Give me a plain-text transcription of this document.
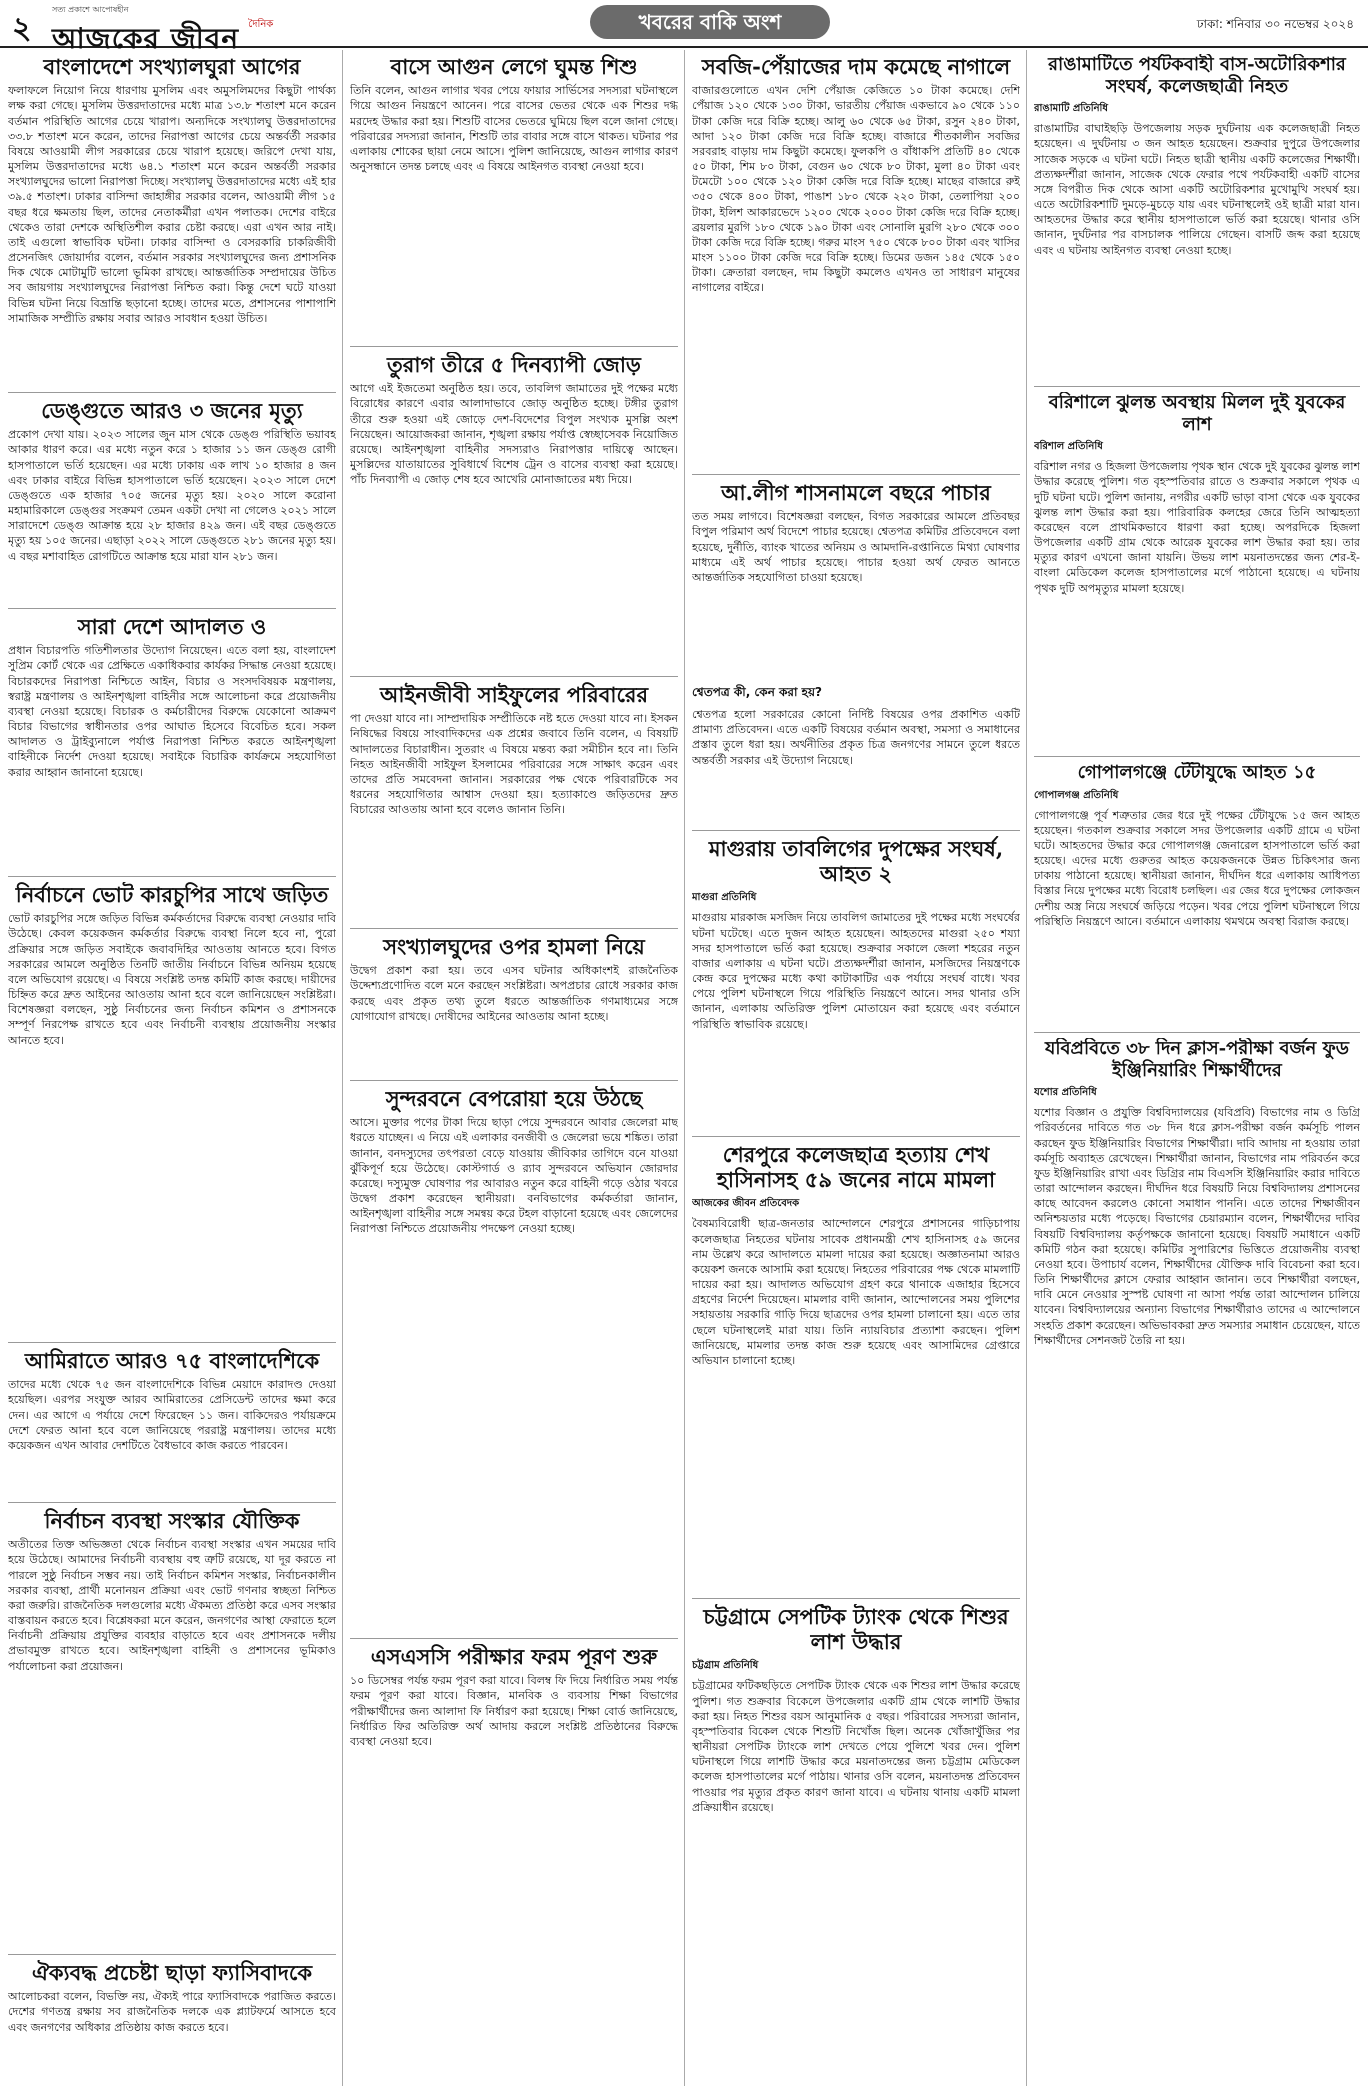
২
সত্য প্রকাশে আপোষহীন
আজকের জীবন $^{দৈনিক}$	খবরের বাকি অংশ	ঢাকা: শনিবার ৩০ নভেম্বর ২০২৪
বাংলাদেশে সংখ্যালঘুরা আগের

ফলাফলে নিয়োগ নিয়ে ধারণায় মুসলিম এবং অমুসলিমদের কিছুটা পার্থক্য লক্ষ করা গেছে। মুসলিম উত্তরদাতাদের মধ্যে মাত্র ১৩.৮ শতাংশ মনে করেন বর্তমান পরিস্থিতি আগের চেয়ে খারাপ। অন্যদিকে সংখ্যালঘু উত্তরদাতাদের ৩৩.৮ শতাংশ মনে করেন, তাদের নিরাপত্তা আগের চেয়ে অন্তর্বর্তী সরকার বিষয়ে আওয়ামী লীগ সরকারের চেয়ে খারাপ হয়েছে। জরিপে দেখা যায়, মুসলিম উত্তরদাতাদের মধ্যে ৬৪.১ শতাংশ মনে করেন অন্তর্বর্তী সরকার সংখ্যালঘুদের ভালো নিরাপত্তা দিচ্ছে। সংখ্যালঘু উত্তরদাতাদের মধ্যে এই হার ৩৯.৫ শতাংশ। ঢাকার বাসিন্দা জাহাঙ্গীর সরকার বলেন, আওয়ামী লীগ ১৫ বছর ধরে ক্ষমতায় ছিল, তাদের নেতাকর্মীরা এখন পলাতক। দেশের বাইরে থেকেও তারা দেশকে অস্থিতিশীল করার চেষ্টা করছে। এরা এখন আর নাই। তাই এগুলো স্বাভাবিক ঘটনা। ঢাকার বাসিন্দা ও বেসরকারি চাকরিজীবী প্রসেনজিৎ জোয়ার্দার বলেন, বর্তমান সরকার সংখ্যালঘুদের জন্য প্রশাসনিক দিক থেকে মোটামুটি ভালো ভূমিকা রাখছে। আন্তর্জাতিক সম্প্রদায়ের উচিত সব জায়গায় সংখ্যালঘুদের নিরাপত্তা নিশ্চিত করা। কিন্তু দেশে ঘটে যাওয়া বিভিন্ন ঘটনা নিয়ে বিভ্রান্তি ছড়ানো হচ্ছে। তাদের মতে, প্রশাসনের পাশাপাশি সামাজিক সম্প্রীতি রক্ষায় সবার আরও সাবধান হওয়া উচিত।

ডেঙ্গুতে আরও ৩ জনের মৃত্যু

প্রকোপ দেখা যায়। ২০২৩ সালের জুন মাস থেকে ডেঙ্গু পরিস্থিতি ভয়াবহ আকার ধারণ করে। এর মধ্যে নতুন করে ১ হাজার ১১ জন ডেঙ্গু রোগী হাসপাতালে ভর্তি হয়েছেন। এর মধ্যে ঢাকায় এক লাখ ১০ হাজার ৪ জন এবং ঢাকার বাইরে বিভিন্ন হাসপাতালে ভর্তি হয়েছেন। ২০২৩ সালে দেশে ডেঙ্গুতে এক হাজার ৭০৫ জনের মৃত্যু হয়। ২০২০ সালে করোনা মহামারিকালে ডেঙ্গুর সংক্রমণ তেমন একটা দেখা না গেলেও ২০২১ সালে সারাদেশে ডেঙ্গু আক্রান্ত হয়ে ২৮ হাজার ৪২৯ জন। এই বছর ডেঙ্গুতে মৃত্যু হয় ১০৫ জনের। এছাড়া ২০২২ সালে ডেঙ্গুতে ২৮১ জনের মৃত্যু হয়। এ বছর মশাবাহিত রোগটিতে আক্রান্ত হয়ে মারা যান ২৮১ জন।

সারা দেশে আদালত ও

প্রধান বিচারপতি গতিশীলতার উদ্যোগ নিয়েছেন। এতে বলা হয়, বাংলাদেশ সুপ্রিম কোর্ট থেকে এর প্রেক্ষিতে একাধিকবার কার্যকর সিদ্ধান্ত নেওয়া হয়েছে। বিচারকদের নিরাপত্তা নিশ্চিতে আইন, বিচার ও সংসদবিষয়ক মন্ত্রণালয়, স্বরাষ্ট্র মন্ত্রণালয় ও আইনশৃঙ্খলা বাহিনীর সঙ্গে আলোচনা করে প্রয়োজনীয় ব্যবস্থা নেওয়া হয়েছে। বিচারক ও কর্মচারীদের বিরুদ্ধে যেকোনো আক্রমণ বিচার বিভাগের স্বাধীনতার ওপর আঘাত হিসেবে বিবেচিত হবে। সকল আদালত ও ট্রাইব্যুনালে পর্যাপ্ত নিরাপত্তা নিশ্চিত করতে আইনশৃঙ্খলা বাহিনীকে নির্দেশ দেওয়া হয়েছে। সবাইকে বিচারিক কার্যক্রমে সহযোগিতা করার আহ্বান জানানো হয়েছে।

নির্বাচনে ভোট কারচুপির সাথে জড়িত

ভোট কারচুপির সঙ্গে জড়িত বিভিন্ন কর্মকর্তাদের বিরুদ্ধে ব্যবস্থা নেওয়ার দাবি উঠেছে। কেবল কয়েকজন কর্মকর্তার বিরুদ্ধে ব্যবস্থা নিলে হবে না, পুরো প্রক্রিয়ার সঙ্গে জড়িত সবাইকে জবাবদিহির আওতায় আনতে হবে। বিগত সরকারের আমলে অনুষ্ঠিত তিনটি জাতীয় নির্বাচনে বিভিন্ন অনিয়ম হয়েছে বলে অভিযোগ রয়েছে। এ বিষয়ে সংশ্লিষ্ট তদন্ত কমিটি কাজ করছে। দায়ীদের চিহ্নিত করে দ্রুত আইনের আওতায় আনা হবে বলে জানিয়েছেন সংশ্লিষ্টরা। বিশেষজ্ঞরা বলছেন, সুষ্ঠু নির্বাচনের জন্য নির্বাচন কমিশন ও প্রশাসনকে সম্পূর্ণ নিরপেক্ষ রাখতে হবে এবং নির্বাচনী ব্যবস্থায় প্রয়োজনীয় সংস্কার আনতে হবে।

আমিরাতে আরও ৭৫ বাংলাদেশিকে

তাদের মধ্যে থেকে ৭৫ জন বাংলাদেশিকে বিভিন্ন মেয়াদে কারাদণ্ড দেওয়া হয়েছিল। এরপর সংযুক্ত আরব আমিরাতের প্রেসিডেন্ট তাদের ক্ষমা করে দেন। এর আগে এ পর্যায়ে দেশে ফিরেছেন ১১ জন। বাকিদেরও পর্যায়ক্রমে দেশে ফেরত আনা হবে বলে জানিয়েছে পররাষ্ট্র মন্ত্রণালয়। তাদের মধ্যে কয়েকজন এখন আবার দেশটিতে বৈধভাবে কাজ করতে পারবেন।

নির্বাচন ব্যবস্থা সংস্কার যৌক্তিক

অতীতের তিক্ত অভিজ্ঞতা থেকে নির্বাচন ব্যবস্থা সংস্কার এখন সময়ের দাবি হয়ে উঠেছে। আমাদের নির্বাচনী ব্যবস্থায় বহু ত্রুটি রয়েছে, যা দূর করতে না পারলে সুষ্ঠু নির্বাচন সম্ভব নয়। তাই নির্বাচন কমিশন সংস্কার, নির্বাচনকালীন সরকার ব্যবস্থা, প্রার্থী মনোনয়ন প্রক্রিয়া এবং ভোট গণনার স্বচ্ছতা নিশ্চিত করা জরুরি। রাজনৈতিক দলগুলোর মধ্যে ঐকমত্য প্রতিষ্ঠা করে এসব সংস্কার বাস্তবায়ন করতে হবে। বিশ্লেষকরা মনে করেন, জনগণের আস্থা ফেরাতে হলে নির্বাচনী প্রক্রিয়ায় প্রযুক্তির ব্যবহার বাড়াতে হবে এবং প্রশাসনকে দলীয় প্রভাবমুক্ত রাখতে হবে। আইনশৃঙ্খলা বাহিনী ও প্রশাসনের ভূমিকাও পর্যালোচনা করা প্রয়োজন।

ঐক্যবদ্ধ প্রচেষ্টা ছাড়া ফ্যাসিবাদকে

আলোচকরা বলেন, বিভক্তি নয়, ঐক্যই পারে ফ্যাসিবাদকে পরাজিত করতে। দেশের গণতন্ত্র রক্ষায় সব রাজনৈতিক দলকে এক প্ল্যাটফর্মে আসতে হবে এবং জনগণের অধিকার প্রতিষ্ঠায় কাজ করতে হবে।

বাসে আগুন লেগে ঘুমন্ত শিশু

তিনি বলেন, আগুন লাগার খবর পেয়ে ফায়ার সার্ভিসের সদস্যরা ঘটনাস্থলে গিয়ে আগুন নিয়ন্ত্রণে আনেন। পরে বাসের ভেতর থেকে এক শিশুর দগ্ধ মরদেহ উদ্ধার করা হয়। শিশুটি বাসের ভেতরে ঘুমিয়ে ছিল বলে জানা গেছে। পরিবারের সদস্যরা জানান, শিশুটি তার বাবার সঙ্গে বাসে থাকত। ঘটনার পর এলাকায় শোকের ছায়া নেমে আসে। পুলিশ জানিয়েছে, আগুন লাগার কারণ অনুসন্ধানে তদন্ত চলছে এবং এ বিষয়ে আইনগত ব্যবস্থা নেওয়া হবে।

তুরাগ তীরে ৫ দিনব্যাপী জোড়

আগে এই ইজতেমা অনুষ্ঠিত হয়। তবে, তাবলিগ জামাতের দুই পক্ষের মধ্যে বিরোধের কারণে এবার আলাদাভাবে জোড় অনুষ্ঠিত হচ্ছে। টঙ্গীর তুরাগ তীরে শুরু হওয়া এই জোড়ে দেশ-বিদেশের বিপুল সংখ্যক মুসল্লি অংশ নিয়েছেন। আয়োজকরা জানান, শৃঙ্খলা রক্ষায় পর্যাপ্ত স্বেচ্ছাসেবক নিয়োজিত রয়েছে। আইনশৃঙ্খলা বাহিনীর সদস্যরাও নিরাপত্তার দায়িত্বে আছেন। মুসল্লিদের যাতায়াতের সুবিধার্থে বিশেষ ট্রেন ও বাসের ব্যবস্থা করা হয়েছে। পাঁচ দিনব্যাপী এ জোড় শেষ হবে আখেরি মোনাজাতের মধ্য দিয়ে।

আইনজীবী সাইফুলের পরিবারের

পা দেওয়া যাবে না। সাম্প্রদায়িক সম্প্রীতিকে নষ্ট হতে দেওয়া যাবে না। ইসকন নিষিদ্ধের বিষয়ে সাংবাদিকদের এক প্রশ্নের জবাবে তিনি বলেন, এ বিষয়টি আদালতের বিচারাধীন। সুতরাং এ বিষয়ে মন্তব্য করা সমীচীন হবে না। তিনি নিহত আইনজীবী সাইফুল ইসলামের পরিবারের সঙ্গে সাক্ষাৎ করেন এবং তাদের প্রতি সমবেদনা জানান। সরকারের পক্ষ থেকে পরিবারটিকে সব ধরনের সহযোগিতার আশ্বাস দেওয়া হয়। হত্যাকাণ্ডে জড়িতদের দ্রুত বিচারের আওতায় আনা হবে বলেও জানান তিনি।

সংখ্যালঘুদের ওপর হামলা নিয়ে

উদ্বেগ প্রকাশ করা হয়। তবে এসব ঘটনার অধিকাংশই রাজনৈতিক উদ্দেশ্যপ্রণোদিত বলে মনে করছেন সংশ্লিষ্টরা। অপপ্রচার রোধে সরকার কাজ করছে এবং প্রকৃত তথ্য তুলে ধরতে আন্তর্জাতিক গণমাধ্যমের সঙ্গে যোগাযোগ রাখছে। দোষীদের আইনের আওতায় আনা হচ্ছে।

সুন্দরবনে বেপরোয়া হয়ে উঠছে

আসে। মুক্তার পণের টাকা দিয়ে ছাড়া পেয়ে সুন্দরবনে আবার জেলেরা মাছ ধরতে যাচ্ছেন। এ নিয়ে এই এলাকার বনজীবী ও জেলেরা ভয়ে শঙ্কিত। তারা জানান, বনদস্যুদের তৎপরতা বেড়ে যাওয়ায় জীবিকার তাগিদে বনে যাওয়া ঝুঁকিপূর্ণ হয়ে উঠেছে। কোস্টগার্ড ও র‍্যাব সুন্দরবনে অভিযান জোরদার করেছে। দস্যুমুক্ত ঘোষণার পর আবারও নতুন করে বাহিনী গড়ে ওঠার খবরে উদ্বেগ প্রকাশ করেছেন স্থানীয়রা। বনবিভাগের কর্মকর্তারা জানান, আইনশৃঙ্খলা বাহিনীর সঙ্গে সমন্বয় করে টহল বাড়ানো হয়েছে এবং জেলেদের নিরাপত্তা নিশ্চিতে প্রয়োজনীয় পদক্ষেপ নেওয়া হচ্ছে।

এসএসসি পরীক্ষার ফরম পূরণ শুরু

১০ ডিসেম্বর পর্যন্ত ফরম পূরণ করা যাবে। বিলম্ব ফি দিয়ে নির্ধারিত সময় পর্যন্ত ফরম পূরণ করা যাবে। বিজ্ঞান, মানবিক ও ব্যবসায় শিক্ষা বিভাগের পরীক্ষার্থীদের জন্য আলাদা ফি নির্ধারণ করা হয়েছে। শিক্ষা বোর্ড জানিয়েছে, নির্ধারিত ফির অতিরিক্ত অর্থ আদায় করলে সংশ্লিষ্ট প্রতিষ্ঠানের বিরুদ্ধে ব্যবস্থা নেওয়া হবে।

সবজি-পেঁয়াজের দাম কমেছে নাগালে

বাজারগুলোতে এখন দেশি পেঁয়াজ কেজিতে ১০ টাকা কমেছে। দেশি পেঁয়াজ ১২০ থেকে ১৩০ টাকা, ভারতীয় পেঁয়াজ একভাবে ৯০ থেকে ১১০ টাকা কেজি দরে বিক্রি হচ্ছে। আলু ৬০ থেকে ৬৫ টাকা, রসুন ২৪০ টাকা, আদা ১২০ টাকা কেজি দরে বিক্রি হচ্ছে। বাজারে শীতকালীন সবজির সরবরাহ বাড়ায় দাম কিছুটা কমেছে। ফুলকপি ও বাঁধাকপি প্রতিটি ৪০ থেকে ৫০ টাকা, শিম ৮০ টাকা, বেগুন ৬০ থেকে ৮০ টাকা, মুলা ৪০ টাকা এবং টমেটো ১০০ থেকে ১২০ টাকা কেজি দরে বিক্রি হচ্ছে। মাছের বাজারে রুই ৩৫০ থেকে ৪০০ টাকা, পাঙাশ ১৮০ থেকে ২২০ টাকা, তেলাপিয়া ২০০ টাকা, ইলিশ আকারভেদে ১২০০ থেকে ২০০০ টাকা কেজি দরে বিক্রি হচ্ছে। ব্রয়লার মুরগি ১৮০ থেকে ১৯০ টাকা এবং সোনালি মুরগি ২৮০ থেকে ৩০০ টাকা কেজি দরে বিক্রি হচ্ছে। গরুর মাংস ৭৫০ থেকে ৮০০ টাকা এবং খাসির মাংস ১১০০ টাকা কেজি দরে বিক্রি হচ্ছে। ডিমের ডজন ১৪৫ থেকে ১৫০ টাকা। ক্রেতারা বলছেন, দাম কিছুটা কমলেও এখনও তা সাধারণ মানুষের নাগালের বাইরে।

আ.লীগ শাসনামলে বছরে পাচার

তত সময় লাগবে। বিশেষজ্ঞরা বলছেন, বিগত সরকারের আমলে প্রতিবছর বিপুল পরিমাণ অর্থ বিদেশে পাচার হয়েছে। শ্বেতপত্র কমিটির প্রতিবেদনে বলা হয়েছে, দুর্নীতি, ব্যাংক খাতের অনিয়ম ও আমদানি-রপ্তানিতে মিথ্যা ঘোষণার মাধ্যমে এই অর্থ পাচার হয়েছে। পাচার হওয়া অর্থ ফেরত আনতে আন্তর্জাতিক সহযোগিতা চাওয়া হয়েছে।

শ্বেতপত্র কী, কেন করা হয়?

শ্বেতপত্র হলো সরকারের কোনো নির্দিষ্ট বিষয়ের ওপর প্রকাশিত একটি প্রামাণ্য প্রতিবেদন। এতে একটি বিষয়ের বর্তমান অবস্থা, সমস্যা ও সমাধানের প্রস্তাব তুলে ধরা হয়। অর্থনীতির প্রকৃত চিত্র জনগণের সামনে তুলে ধরতে অন্তর্বর্তী সরকার এই উদ্যোগ নিয়েছে।

মাগুরায় তাবলিগের দুপক্ষের সংঘর্ষ, আহত ২

মাগুরা প্রতিনিধি

মাগুরায় মারকাজ মসজিদ নিয়ে তাবলিগ জামাতের দুই পক্ষের মধ্যে সংঘর্ষের ঘটনা ঘটেছে। এতে দুজন আহত হয়েছেন। আহতদের মাগুরা ২৫০ শয্যা সদর হাসপাতালে ভর্তি করা হয়েছে। শুক্রবার সকালে জেলা শহরের নতুন বাজার এলাকায় এ ঘটনা ঘটে। প্রত্যক্ষদর্শীরা জানান, মসজিদের নিয়ন্ত্রণকে কেন্দ্র করে দুপক্ষের মধ্যে কথা কাটাকাটির এক পর্যায়ে সংঘর্ষ বাধে। খবর পেয়ে পুলিশ ঘটনাস্থলে গিয়ে পরিস্থিতি নিয়ন্ত্রণে আনে। সদর থানার ওসি জানান, এলাকায় অতিরিক্ত পুলিশ মোতায়েন করা হয়েছে এবং বর্তমানে পরিস্থিতি স্বাভাবিক রয়েছে।

শেরপুরে কলেজছাত্র হত্যায় শেখ হাসিনাসহ ৫৯ জনের নামে মামলা

আজকের জীবন প্রতিবেদক

বৈষম্যবিরোধী ছাত্র-জনতার আন্দোলনে শেরপুরে প্রশাসনের গাড়িচাপায় কলেজছাত্র নিহতের ঘটনায় সাবেক প্রধানমন্ত্রী শেখ হাসিনাসহ ৫৯ জনের নাম উল্লেখ করে আদালতে মামলা দায়ের করা হয়েছে। অজ্ঞাতনামা আরও কয়েকশ জনকে আসামি করা হয়েছে। নিহতের পরিবারের পক্ষ থেকে মামলাটি দায়ের করা হয়। আদালত অভিযোগ গ্রহণ করে থানাকে এজাহার হিসেবে গ্রহণের নির্দেশ দিয়েছেন। মামলার বাদী জানান, আন্দোলনের সময় পুলিশের সহায়তায় সরকারি গাড়ি দিয়ে ছাত্রদের ওপর হামলা চালানো হয়। এতে তার ছেলে ঘটনাস্থলেই মারা যায়। তিনি ন্যায়বিচার প্রত্যাশা করছেন। পুলিশ জানিয়েছে, মামলার তদন্ত কাজ শুরু হয়েছে এবং আসামিদের গ্রেপ্তারে অভিযান চালানো হচ্ছে।

চট্টগ্রামে সেপটিক ট্যাংক থেকে শিশুর লাশ উদ্ধার

চট্টগ্রাম প্রতিনিধি

চট্টগ্রামের ফটিকছড়িতে সেপটিক ট্যাংক থেকে এক শিশুর লাশ উদ্ধার করেছে পুলিশ। গত শুক্রবার বিকেলে উপজেলার একটি গ্রাম থেকে লাশটি উদ্ধার করা হয়। নিহত শিশুর বয়স আনুমানিক ৫ বছর। পরিবারের সদস্যরা জানান, বৃহস্পতিবার বিকেল থেকে শিশুটি নিখোঁজ ছিল। অনেক খোঁজাখুঁজির পর স্থানীয়রা সেপটিক ট্যাংকে লাশ দেখতে পেয়ে পুলিশে খবর দেন। পুলিশ ঘটনাস্থলে গিয়ে লাশটি উদ্ধার করে ময়নাতদন্তের জন্য চট্টগ্রাম মেডিকেল কলেজ হাসপাতালের মর্গে পাঠায়। থানার ওসি বলেন, ময়নাতদন্ত প্রতিবেদন পাওয়ার পর মৃত্যুর প্রকৃত কারণ জানা যাবে। এ ঘটনায় থানায় একটি মামলা প্রক্রিয়াধীন রয়েছে।

রাঙামাটিতে পর্যটকবাহী বাস-অটোরিকশার সংঘর্ষ, কলেজছাত্রী নিহত

রাঙামাটি প্রতিনিধি

রাঙামাটির বাঘাইছড়ি উপজেলায় সড়ক দুর্ঘটনায় এক কলেজছাত্রী নিহত হয়েছেন। এ দুর্ঘটনায় ৩ জন আহত হয়েছেন। শুক্রবার দুপুরে উপজেলার সাজেক সড়কে এ ঘটনা ঘটে। নিহত ছাত্রী স্থানীয় একটি কলেজের শিক্ষার্থী। প্রত্যক্ষদর্শীরা জানান, সাজেক থেকে ফেরার পথে পর্যটকবাহী একটি বাসের সঙ্গে বিপরীত দিক থেকে আসা একটি অটোরিকশার মুখোমুখি সংঘর্ষ হয়। এতে অটোরিকশাটি দুমড়ে-মুচড়ে যায় এবং ঘটনাস্থলেই ওই ছাত্রী মারা যান। আহতদের উদ্ধার করে স্থানীয় হাসপাতালে ভর্তি করা হয়েছে। থানার ওসি জানান, দুর্ঘটনার পর বাসচালক পালিয়ে গেছেন। বাসটি জব্দ করা হয়েছে এবং এ ঘটনায় আইনগত ব্যবস্থা নেওয়া হচ্ছে।

বরিশালে ঝুলন্ত অবস্থায় মিলল দুই যুবকের লাশ

বরিশাল প্রতিনিধি

বরিশাল নগর ও হিজলা উপজেলায় পৃথক স্থান থেকে দুই যুবকের ঝুলন্ত লাশ উদ্ধার করেছে পুলিশ। গত বৃহস্পতিবার রাতে ও শুক্রবার সকালে পৃথক এ দুটি ঘটনা ঘটে। পুলিশ জানায়, নগরীর একটি ভাড়া বাসা থেকে এক যুবকের ঝুলন্ত লাশ উদ্ধার করা হয়। পারিবারিক কলহের জেরে তিনি আত্মহত্যা করেছেন বলে প্রাথমিকভাবে ধারণা করা হচ্ছে। অপরদিকে হিজলা উপজেলার একটি গ্রাম থেকে আরেক যুবকের লাশ উদ্ধার করা হয়। তার মৃত্যুর কারণ এখনো জানা যায়নি। উভয় লাশ ময়নাতদন্তের জন্য শের-ই-বাংলা মেডিকেল কলেজ হাসপাতালের মর্গে পাঠানো হয়েছে। এ ঘটনায় পৃথক দুটি অপমৃত্যুর মামলা হয়েছে।

গোপালগঞ্জে টেঁটাযুদ্ধে আহত ১৫

গোপালগঞ্জ প্রতিনিধি

গোপালগঞ্জে পূর্ব শত্রুতার জের ধরে দুই পক্ষের টেঁটাযুদ্ধে ১৫ জন আহত হয়েছেন। গতকাল শুক্রবার সকালে সদর উপজেলার একটি গ্রামে এ ঘটনা ঘটে। আহতদের উদ্ধার করে গোপালগঞ্জ জেনারেল হাসপাতালে ভর্তি করা হয়েছে। এদের মধ্যে গুরুতর আহত কয়েকজনকে উন্নত চিকিৎসার জন্য ঢাকায় পাঠানো হয়েছে। স্থানীয়রা জানান, দীর্ঘদিন ধরে এলাকায় আধিপত্য বিস্তার নিয়ে দুপক্ষের মধ্যে বিরোধ চলছিল। এর জের ধরে দুপক্ষের লোকজন দেশীয় অস্ত্র নিয়ে সংঘর্ষে জড়িয়ে পড়েন। খবর পেয়ে পুলিশ ঘটনাস্থলে গিয়ে পরিস্থিতি নিয়ন্ত্রণে আনে। বর্তমানে এলাকায় থমথমে অবস্থা বিরাজ করছে।

যবিপ্রবিতে ৩৮ দিন ক্লাস-পরীক্ষা বর্জন ফুড ইঞ্জিনিয়ারিং শিক্ষার্থীদের

যশোর প্রতিনিধি

যশোর বিজ্ঞান ও প্রযুক্তি বিশ্ববিদ্যালয়ের (যবিপ্রবি) বিভাগের নাম ও ডিগ্রি পরিবর্তনের দাবিতে গত ৩৮ দিন ধরে ক্লাস-পরীক্ষা বর্জন কর্মসূচি পালন করছেন ফুড ইঞ্জিনিয়ারিং বিভাগের শিক্ষার্থীরা। দাবি আদায় না হওয়ায় তারা কর্মসূচি অব্যাহত রেখেছেন। শিক্ষার্থীরা জানান, বিভাগের নাম পরিবর্তন করে ফুড ইঞ্জিনিয়ারিং রাখা এবং ডিগ্রির নাম বিএসসি ইঞ্জিনিয়ারিং করার দাবিতে তারা আন্দোলন করছেন। দীর্ঘদিন ধরে বিষয়টি নিয়ে বিশ্ববিদ্যালয় প্রশাসনের কাছে আবেদন করলেও কোনো সমাধান পাননি। এতে তাদের শিক্ষাজীবন অনিশ্চয়তার মধ্যে পড়েছে। বিভাগের চেয়ারম্যান বলেন, শিক্ষার্থীদের দাবির বিষয়টি বিশ্ববিদ্যালয় কর্তৃপক্ষকে জানানো হয়েছে। বিষয়টি সমাধানে একটি কমিটি গঠন করা হয়েছে। কমিটির সুপারিশের ভিত্তিতে প্রয়োজনীয় ব্যবস্থা নেওয়া হবে। উপাচার্য বলেন, শিক্ষার্থীদের যৌক্তিক দাবি বিবেচনা করা হবে। তিনি শিক্ষার্থীদের ক্লাসে ফেরার আহ্বান জানান। তবে শিক্ষার্থীরা বলছেন, দাবি মেনে নেওয়ার সুস্পষ্ট ঘোষণা না আসা পর্যন্ত তারা আন্দোলন চালিয়ে যাবেন। বিশ্ববিদ্যালয়ের অন্যান্য বিভাগের শিক্ষার্থীরাও তাদের এ আন্দোলনে সংহতি প্রকাশ করেছেন। অভিভাবকরা দ্রুত সমস্যার সমাধান চেয়েছেন, যাতে শিক্ষার্থীদের সেশনজট তৈরি না হয়।
